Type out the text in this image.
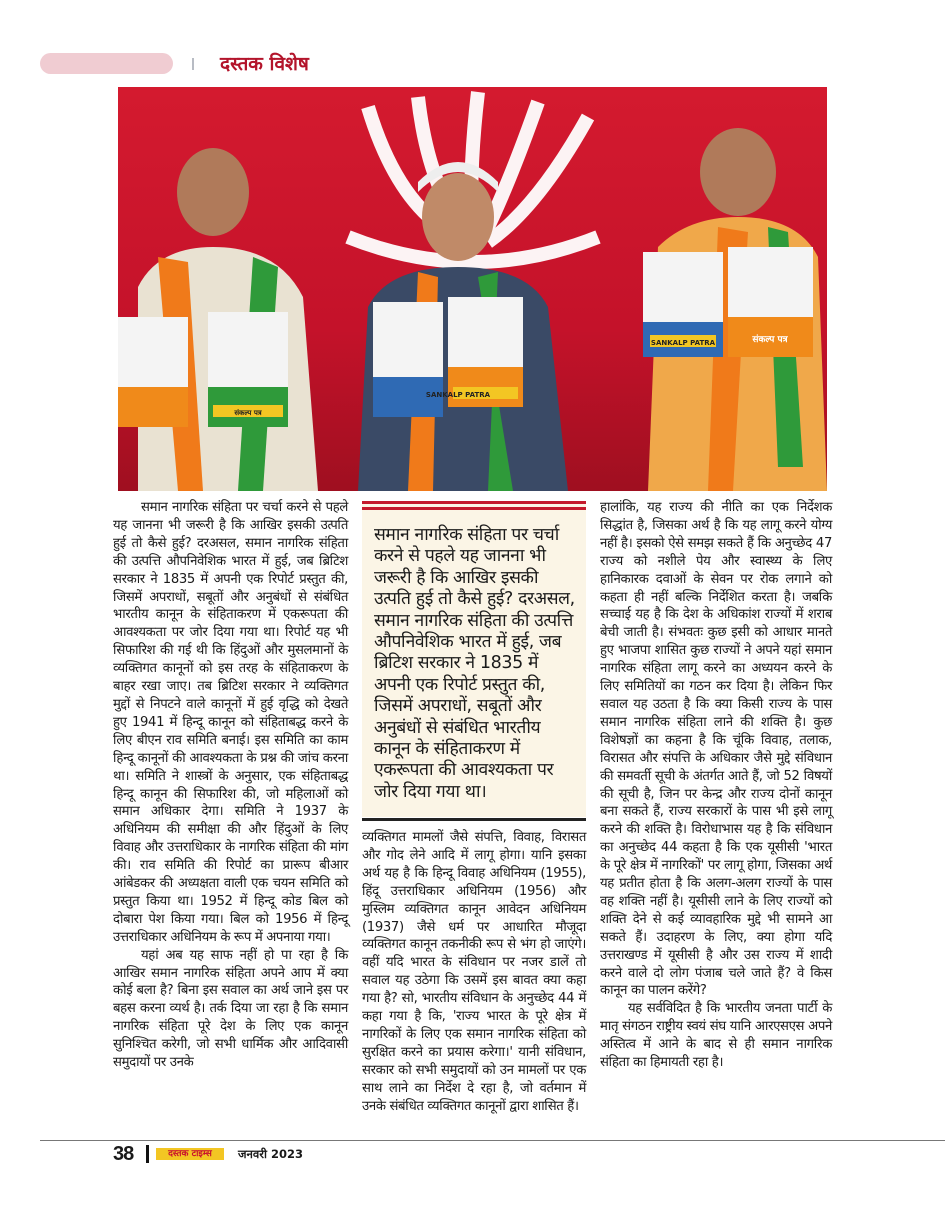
दस्तक विशेष
SANKALP PATRA
SANKALP PATRA
संकल्प पत्र
संकल्प पत्र

समान नागरिक संहिता पर चर्चा करने से पहले यह जानना भी जरूरी है कि आखिर इसकी उत्पति हुई तो कैसे हुई? दरअसल, समान नागरिक संहिता की उत्पत्ति औपनिवेशिक भारत में हुई, जब ब्रिटिश सरकार ने 1835 में अपनी एक रिपोर्ट प्रस्तुत की, जिसमें अपराधों, सबूतों और अनुबंधों से संबंधित भारतीय कानून के संहिताकरण में एकरूपता की आवश्यकता पर जोर दिया गया था। रिपोर्ट यह भी सिफारिश की गई थी कि हिंदुओं और मुसलमानों के व्यक्तिगत कानूनों को इस तरह के संहिताकरण के बाहर रखा जाए। तब ब्रिटिश सरकार ने व्यक्तिगत मुद्दों से निपटने वाले कानूनों में हुई वृद्धि को देखते हुए 1941 में हिन्दू कानून को संहिताबद्ध करने के लिए बीएन राव समिति बनाई। इस समिति का काम हिन्दू कानूनों की आवश्यकता के प्रश्न की जांच करना था। समिति ने शास्त्रों के अनुसार, एक संहिताबद्ध हिन्दू कानून की सिफारिश की, जो महिलाओं को समान अधिकार देगा। समिति ने 1937 के अधिनियम की समीक्षा की और हिंदुओं के लिए विवाह और उत्तराधिकार के नागरिक संहिता की मांग की। राव समिति की रिपोर्ट का प्रारूप बीआर आंबेडकर की अध्यक्षता वाली एक चयन समिति को प्रस्तुत किया था। 1952 में हिन्दू कोड बिल को दोबारा पेश किया गया। बिल को 1956 में हिन्दू उत्तराधिकार अधिनियम के रूप में अपनाया गया।

यहां अब यह साफ नहीं हो पा रहा है कि आखिर समान नागरिक संहिता अपने आप में क्या कोई बला है? बिना इस सवाल का अर्थ जाने इस पर बहस करना व्यर्थ है। तर्क दिया जा रहा है कि समान नागरिक संहिता पूरे देश के लिए एक कानून सुनिश्चित करेगी, जो सभी धार्मिक और आदिवासी समुदायों पर उनके

समान नागरिक संहिता पर चर्चा करने से पहले यह जानना भी जरूरी है कि आखिर इसकी उत्पति हुई तो कैसे हुई? दरअसल, समान नागरिक संहिता की उत्पत्ति औपनिवेशिक भारत में हुई, जब ब्रिटिश सरकार ने 1835 में अपनी एक रिपोर्ट प्रस्तुत की, जिसमें अपराधों, सबूतों और अनुबंधों से संबंधित भारतीय कानून के संहिताकरण में एकरूपता की आवश्यकता पर जोर दिया गया था।

व्यक्तिगत मामलों जैसे संपत्ति, विवाह, विरासत और गोद लेने आदि में लागू होगा। यानि इसका अर्थ यह है कि हिन्दू विवाह अधिनियम (1955), हिंदू उत्तराधिकार अधिनियम (1956) और मुस्लिम व्यक्तिगत कानून आवेदन अधिनियम (1937) जैसे धर्म पर आधारित मौजूदा व्यक्तिगत कानून तकनीकी रूप से भंग हो जाएंगे। वहीं यदि भारत के संविधान पर नजर डालें तो सवाल यह उठेगा कि उसमें इस बावत क्या कहा गया है? सो, भारतीय संविधान के अनुच्छेद 44 में कहा गया है कि, 'राज्य भारत के पूरे क्षेत्र में नागरिकों के लिए एक समान नागरिक संहिता को सुरक्षित करने का प्रयास करेगा।' यानी संविधान, सरकार को सभी समुदायों को उन मामलों पर एक साथ लाने का निर्देश दे रहा है, जो वर्तमान में उनके संबंधित व्यक्तिगत कानूनों द्वारा शासित हैं।

हालांकि, यह राज्य की नीति का एक निर्देशक सिद्धांत है, जिसका अर्थ है कि यह लागू करने योग्य नहीं है। इसको ऐसे समझ सकते हैं कि अनुच्छेद 47 राज्य को नशीले पेय और स्वास्थ्य के लिए हानिकारक दवाओं के सेवन पर रोक लगाने को कहता ही नहीं बल्कि निर्देशित करता है। जबकि सच्चाई यह है कि देश के अधिकांश राज्यों में शराब बेची जाती है। संभवतः कुछ इसी को आधार मानते हुए भाजपा शासित कुछ राज्यों ने अपने यहां समान नागरिक संहिता लागू करने का अध्ययन करने के लिए समितियों का गठन कर दिया है। लेकिन फिर सवाल यह उठता है कि क्या किसी राज्य के पास समान नागरिक संहिता लाने की शक्ति है। कुछ विशेषज्ञों का कहना है कि चूंकि विवाह, तलाक, विरासत और संपत्ति के अधिकार जैसे मुद्दे संविधान की समवर्ती सूची के अंतर्गत आते हैं, जो 52 विषयों की सूची है, जिन पर केन्द्र और राज्य दोनों कानून बना सकते हैं, राज्य सरकारों के पास भी इसे लागू करने की शक्ति है। विरोधाभास यह है कि संविधान का अनुच्छेद 44 कहता है कि एक यूसीसी 'भारत के पूरे क्षेत्र में नागरिकों' पर लागू होगा, जिसका अर्थ यह प्रतीत होता है कि अलग-अलग राज्यों के पास वह शक्ति नहीं है। यूसीसी लाने के लिए राज्यों को शक्ति देने से कई व्यावहारिक मुद्दे भी सामने आ सकते हैं। उदाहरण के लिए, क्या होगा यदि उत्तराखण्ड में यूसीसी है और उस राज्य में शादी करने वाले दो लोग पंजाब चले जाते हैं? वे किस कानून का पालन करेंगे?

यह सर्वविदित है कि भारतीय जनता पार्टी के मातृ संगठन राष्ट्रीय स्वयं संघ यानि आरएसएस अपने अस्तित्व में आने के बाद से ही समान नागरिक संहिता का हिमायती रहा है।

38	दस्तक टाइम्स	जनवरी 2023
